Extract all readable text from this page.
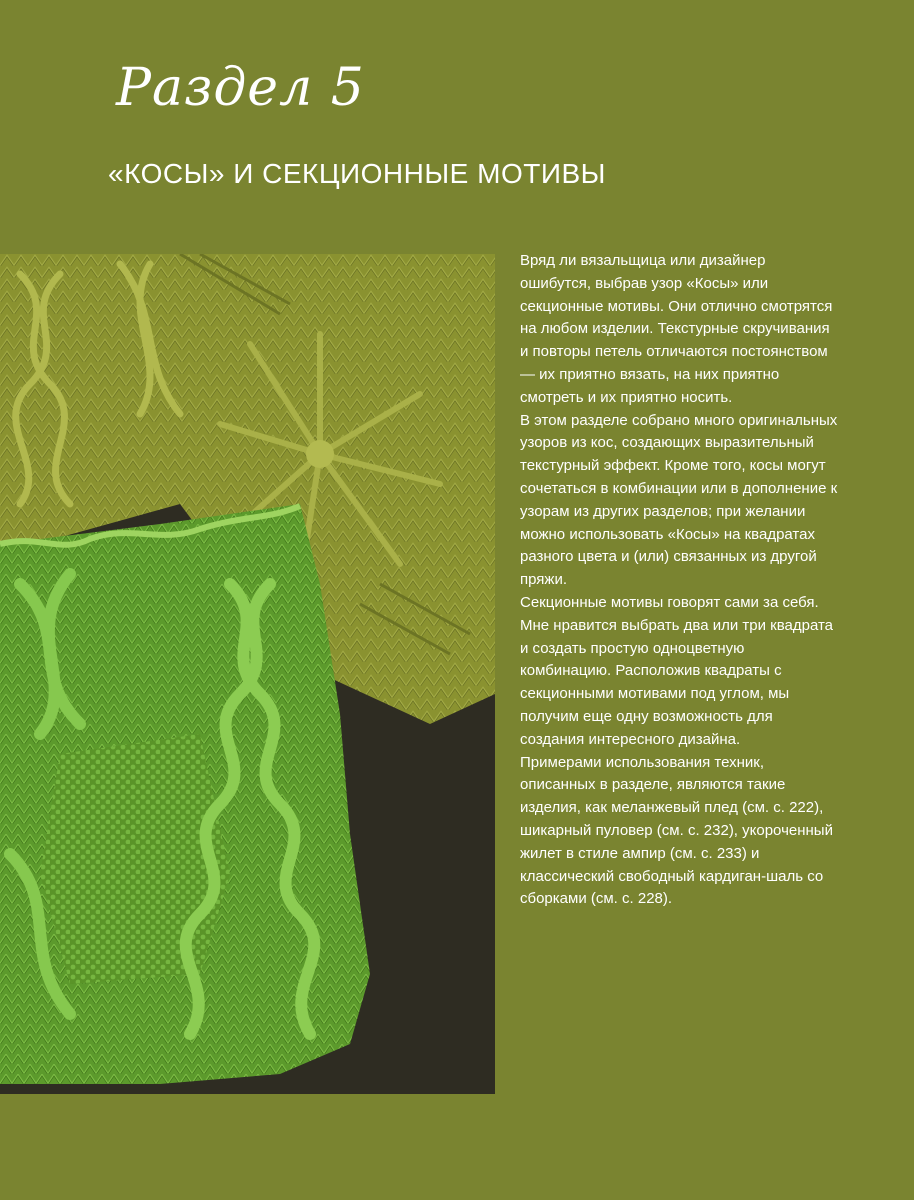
Раздел 5
«КОСЫ» И СЕКЦИОННЫЕ МОТИВЫ

Вряд ли вязальщица или дизайнер ошибутся, выбрав узор «Косы» или секционные мотивы. Они отлично смотрятся на любом изделии. Текстурные скручивания и повторы петель отличаются постоянством — их приятно вязать, на них приятно смотреть и их приятно носить.

В этом разделе собрано много оригинальных узоров из кос, создающих выразительный текстурный эффект. Кроме того, косы могут сочетаться в комбинации или в дополнение к узорам из других разделов; при желании можно использовать «Косы» на квадратах разного цвета и (или) связанных из другой пряжи.

Секционные мотивы говорят сами за себя. Мне нравится выбрать два или три квадрата и создать простую одноцветную комбинацию. Расположив квадраты с секционными мотивами под углом, мы получим еще одну возможность для создания интересного дизайна.

Примерами использования техник, описанных в разделе, являются такие изделия, как меланжевый плед (см. с. 222), шикарный пуловер (см. с. 232), укороченный жилет в стиле ампир (см. с. 233) и классический свободный кардиган-шаль со сборками (см. с. 228).
